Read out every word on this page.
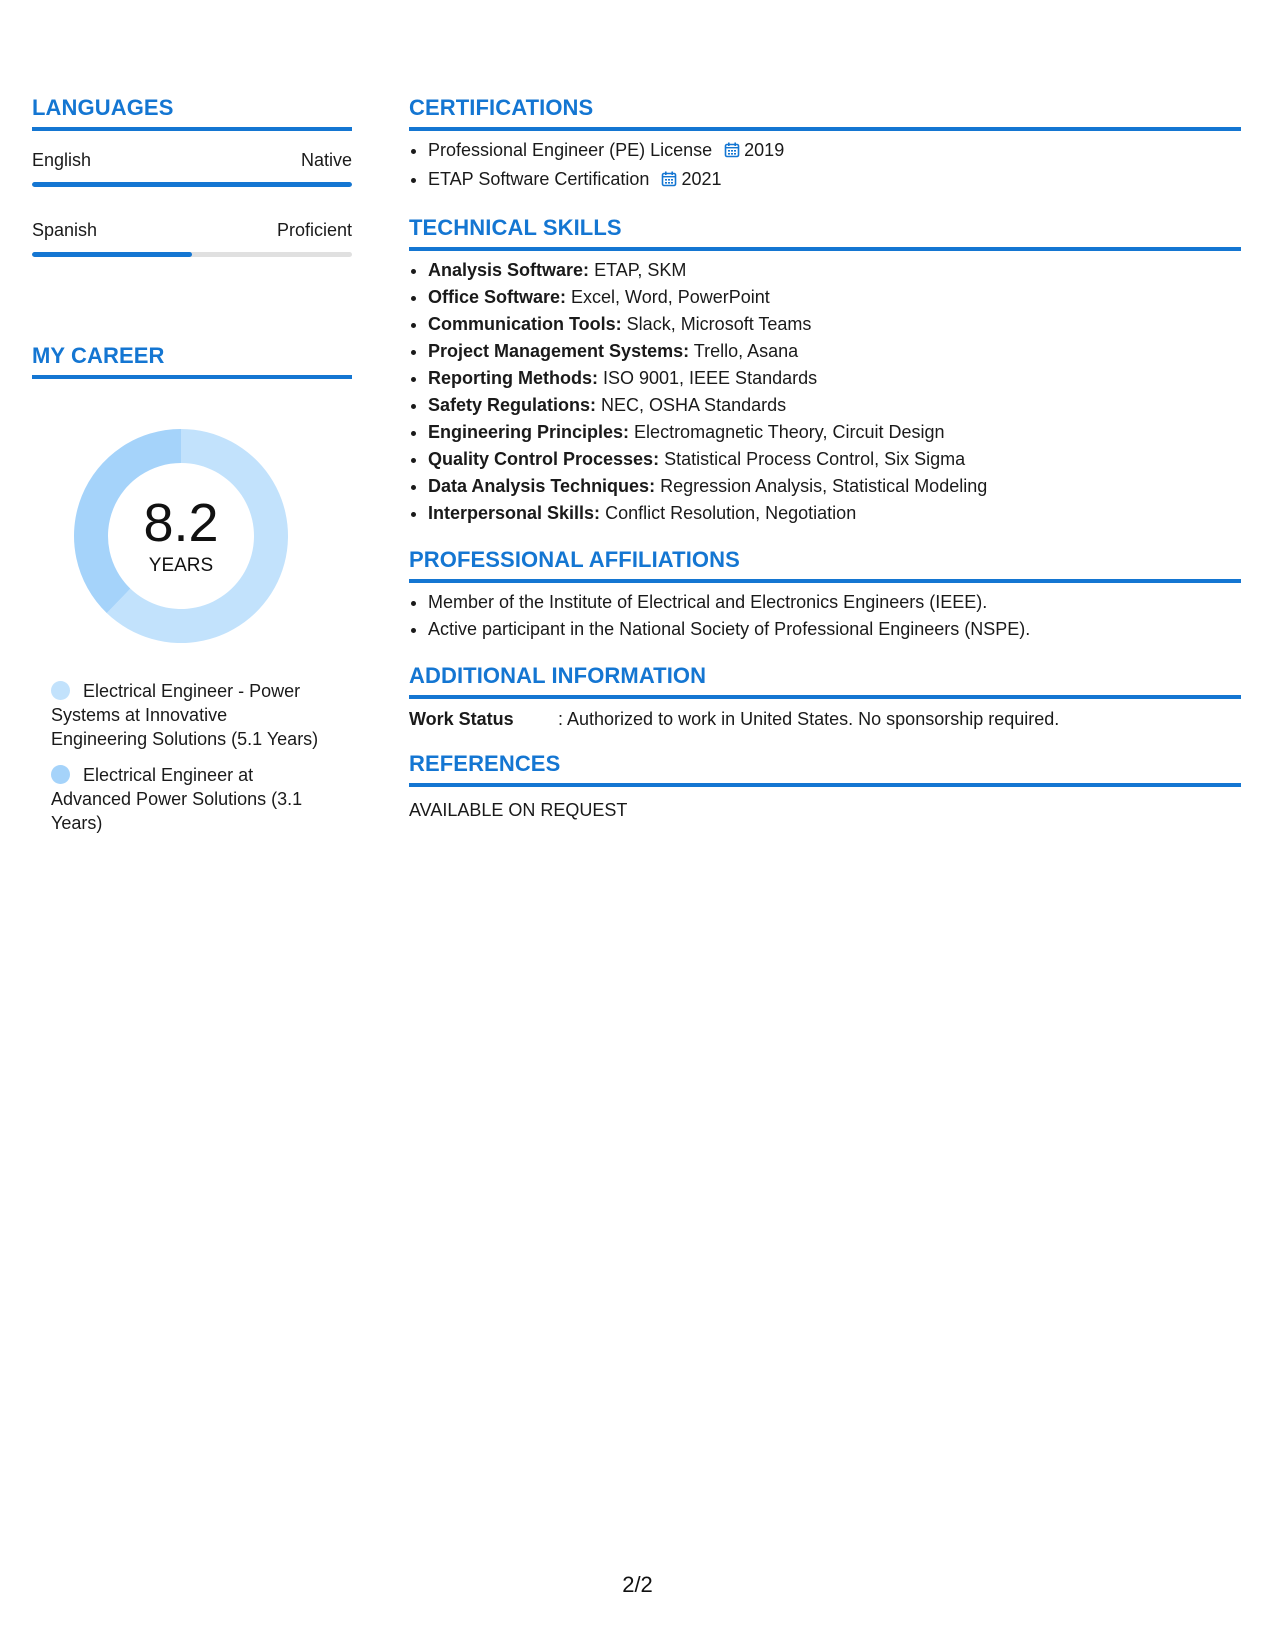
LANGUAGES
English	Native
Spanish	Proficient
MY CAREER
8.2
YEARS
Electrical Engineer - Power Systems at Innovative Engineering Solutions (5.1 Years)
Electrical Engineer at Advanced Power Solutions (3.1 Years)
CERTIFICATIONS
• Professional Engineer (PE) License 2019
• ETAP Software Certification 2021
TECHNICAL SKILLS
• Analysis Software: ETAP, SKM
• Office Software: Excel, Word, PowerPoint
• Communication Tools: Slack, Microsoft Teams
• Project Management Systems: Trello, Asana
• Reporting Methods: ISO 9001, IEEE Standards
• Safety Regulations: NEC, OSHA Standards
• Engineering Principles: Electromagnetic Theory, Circuit Design
• Quality Control Processes: Statistical Process Control, Six Sigma
• Data Analysis Techniques: Regression Analysis, Statistical Modeling
• Interpersonal Skills: Conflict Resolution, Negotiation
PROFESSIONAL AFFILIATIONS
• Member of the Institute of Electrical and Electronics Engineers (IEEE).
• Active participant in the National Society of Professional Engineers (NSPE).
ADDITIONAL INFORMATION
Work Status	: Authorized to work in United States. No sponsorship required.
REFERENCES
AVAILABLE ON REQUEST
2/2
